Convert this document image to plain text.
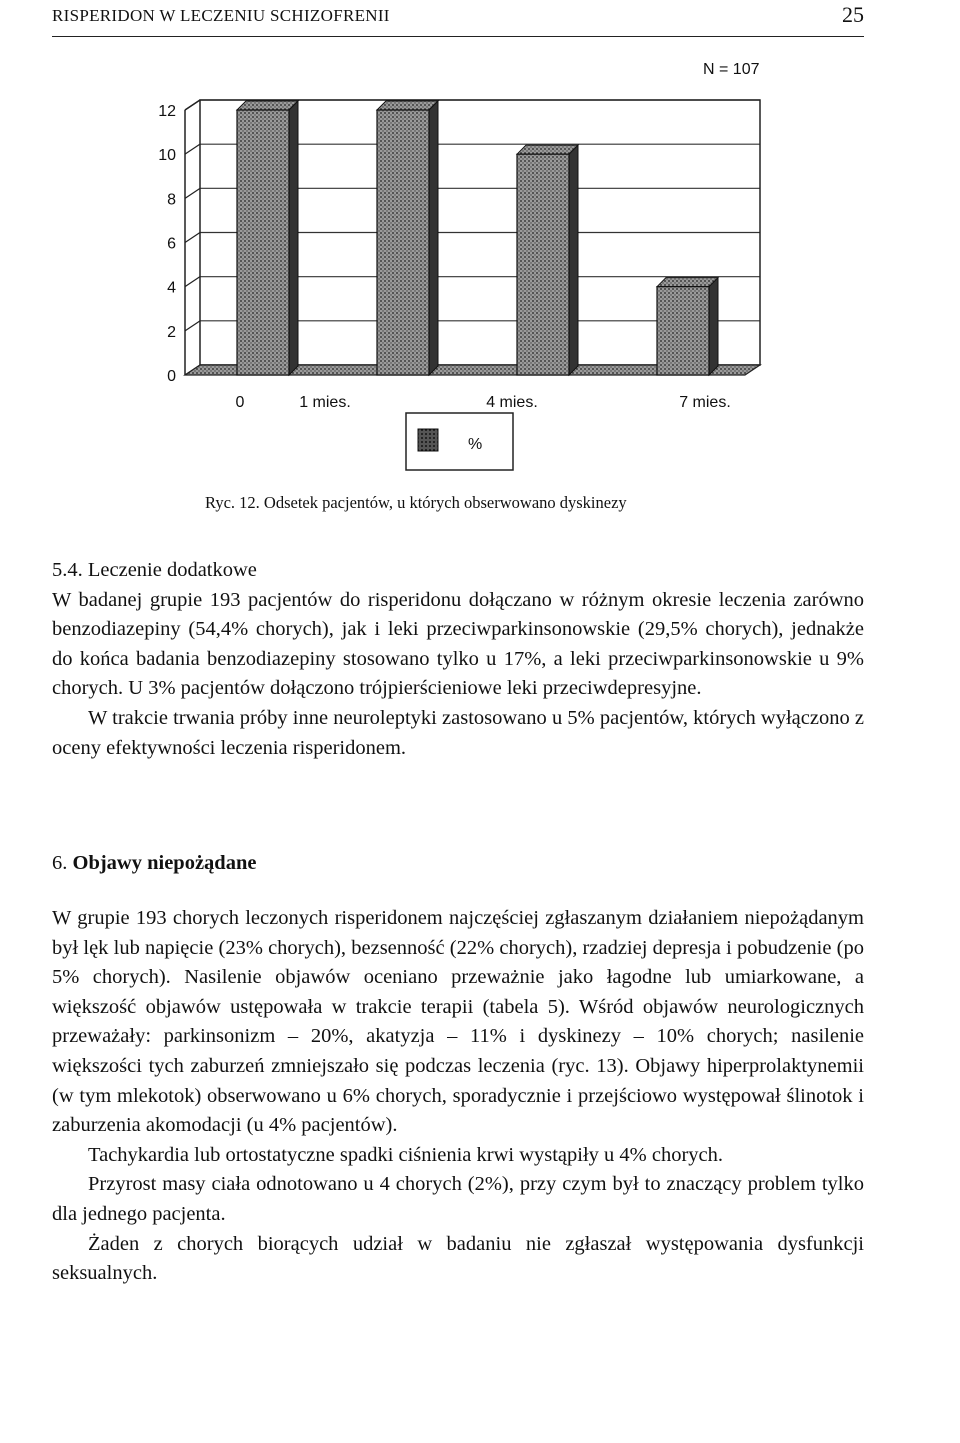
RISPERIDON W LECZENIU SCHIZOFRENII	25
0
2
4
6
8
10
12
0	1 mies.	4 mies.	7 mies.
N = 107
%
Ryc. 12. Odsetek pacjentów, u których obserwowano dyskinezy

5.4. Leczenie dodatkowe

W badanej grupie 193 pacjentów do risperidonu dołączano w różnym okresie leczenia zarówno benzodiazepiny (54,4% chorych), jak i leki przeciwparkinsonowskie (29,5% chorych), jednakże do końca badania benzodiazepiny stosowano tylko u 17%, a leki przeciwparkinsonowskie u 9% chorych. U 3% pacjentów dołączono trójpierścieniowe leki przeciwdepresyjne.

W trakcie trwania próby inne neuroleptyki zastosowano u 5% pacjentów, których wyłączono z oceny efektywności leczenia risperidonem.

6. Objawy niepożądane

W grupie 193 chorych leczonych risperidonem najczęściej zgłaszanym działaniem niepożądanym był lęk lub napięcie (23% chorych), bezsenność (22% chorych), rzadziej depresja i pobudzenie (po 5% chorych). Nasilenie objawów oceniano przeważnie jako łagodne lub umiarkowane, a większość objawów ustępowała w trakcie terapii (tabela 5). Wśród objawów neurologicznych przeważały: parkinsonizm – 20%, akatyzja – 11% i dyskinezy – 10% chorych; nasilenie większości tych zaburzeń zmniejszało się podczas leczenia (ryc. 13). Objawy hiperprolaktynemii (w tym mlekotok) obserwowano u 6% chorych, sporadycznie i przejściowo występował ślinotok i zaburzenia akomodacji (u 4% pacjentów).

Tachykardia lub ortostatyczne spadki ciśnienia krwi wystąpiły u 4% chorych.

Przyrost masy ciała odnotowano u 4 chorych (2%), przy czym był to znaczący problem tylko dla jednego pacjenta.

Żaden z chorych biorących udział w badaniu nie zgłaszał występowania dysfunkcji seksualnych.
